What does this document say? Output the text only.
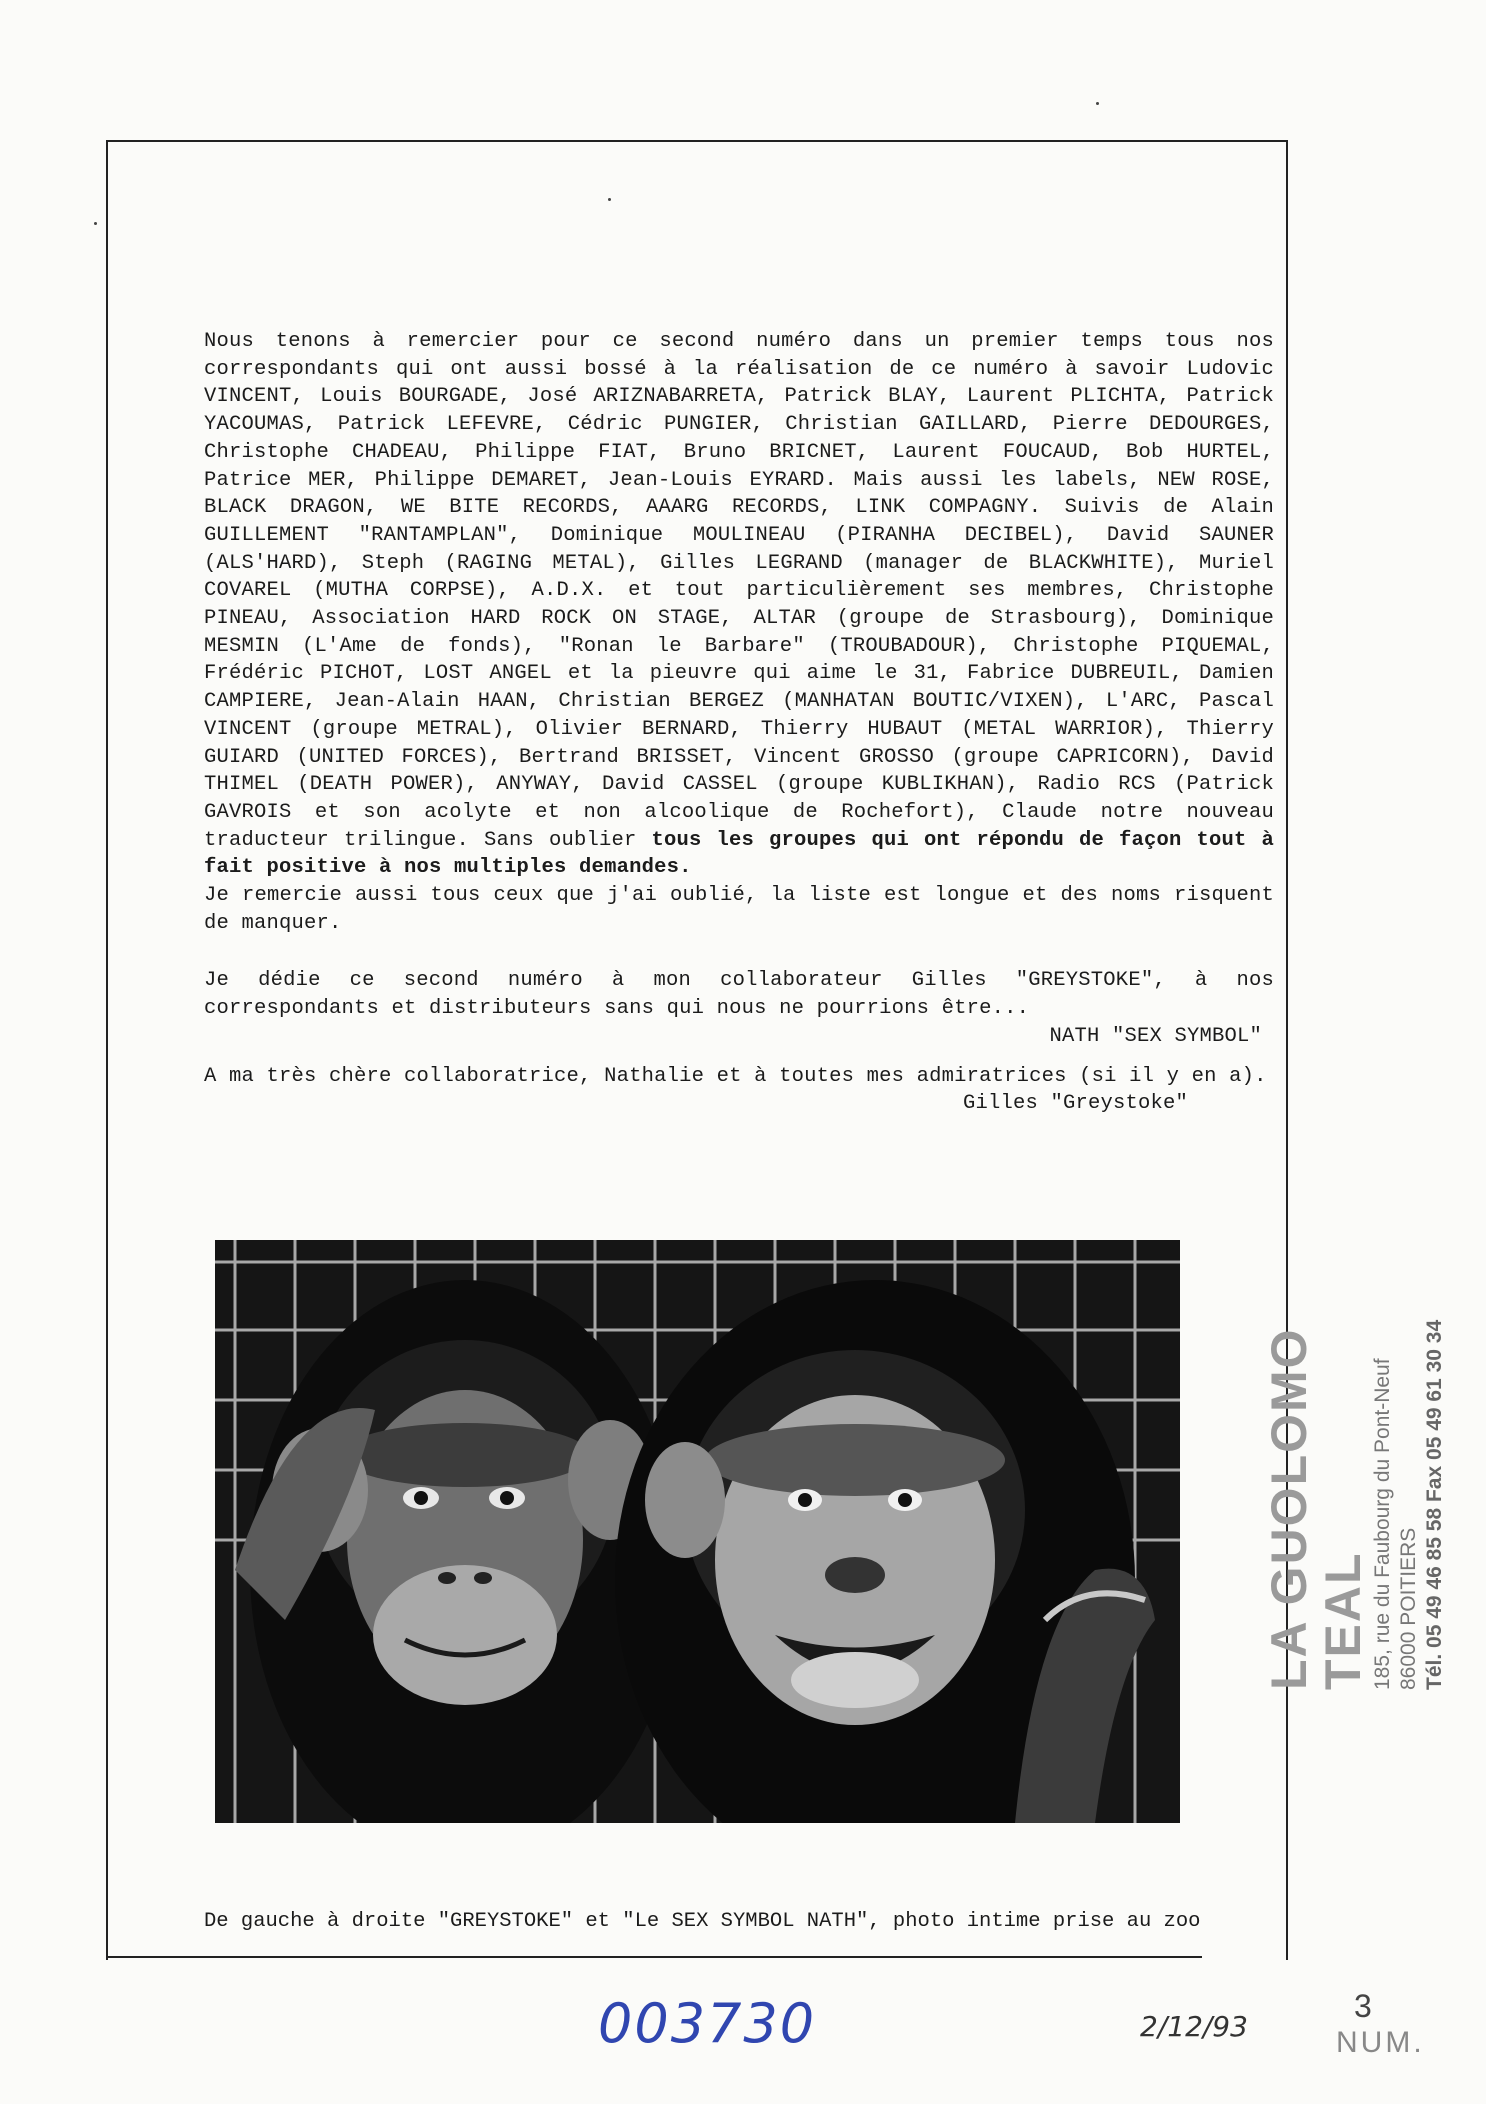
Nous tenons à remercier pour ce second numéro dans un premier temps tous nos correspondants qui ont aussi bossé à la réalisation de ce numéro à savoir Ludovic VINCENT, Louis BOURGADE, José ARIZNABARRETA, Patrick BLAY, Laurent PLICHTA, Patrick YACOUMAS, Patrick LEFEVRE, Cédric PUNGIER, Christian GAILLARD, Pierre DEDOURGES, Christophe CHADEAU, Philippe FIAT, Bruno BRICNET, Laurent FOUCAUD, Bob HURTEL, Patrice MER, Philippe DEMARET, Jean-Louis EYRARD. Mais aussi les labels, NEW ROSE, BLACK DRAGON, WE BITE RECORDS, AAARG RECORDS, LINK COMPAGNY. Suivis de Alain GUILLEMENT "RANTAMPLAN", Dominique MOULINEAU (PIRANHA DECIBEL), David SAUNER (ALS'HARD), Steph (RAGING METAL), Gilles LEGRAND (manager de BLACKWHITE), Muriel COVAREL (MUTHA CORPSE), A.D.X. et tout particulièrement ses membres, Christophe PINEAU, Association HARD ROCK ON STAGE, ALTAR (groupe de Strasbourg), Dominique MESMIN (L'Ame de fonds), "Ronan le Barbare" (TROUBADOUR), Christophe PIQUEMAL, Frédéric PICHOT, LOST ANGEL et la pieuvre qui aime le 31, Fabrice DUBREUIL, Damien CAMPIERE, Jean-Alain HAAN, Christian BERGEZ (MANHATAN BOUTIC/VIXEN), L'ARC, Pascal VINCENT (groupe METRAL), Olivier BERNARD, Thierry HUBAUT (METAL WARRIOR), Thierry GUIARD (UNITED FORCES), Bertrand BRISSET, Vincent GROSSO (groupe CAPRICORN), David THIMEL (DEATH POWER), ANYWAY, David CASSEL (groupe KUBLIKHAN), Radio RCS (Patrick GAVROIS et son acolyte et non alcoolique de Rochefort), Claude notre nouveau traducteur trilingue. Sans oublier tous les groupes qui ont répondu de façon tout à fait positive à nos multiples demandes.

Je remercie aussi tous ceux que j'ai oublié, la liste est longue et des noms risquent de manquer.

Je dédie ce second numéro à mon collaborateur Gilles "GREYSTOKE", à nos correspondants et distributeurs sans qui nous ne pourrions être...

NATH "SEX SYMBOL"

A ma très chère collaboratrice, Nathalie et à toutes mes admiratrices (si il y en a).

Gilles "Greystoke"

De gauche à droite "GREYSTOKE" et "Le SEX SYMBOL NATH", photo intime prise au zoo
LA GUOLOMO TEAL 185, rue du Faubourg du Pont-Neuf 86000 POITIERS Tél. 05 49 46 85 58 Fax 05 49 61 30 34
003730	2/12/93
3
NUM.
